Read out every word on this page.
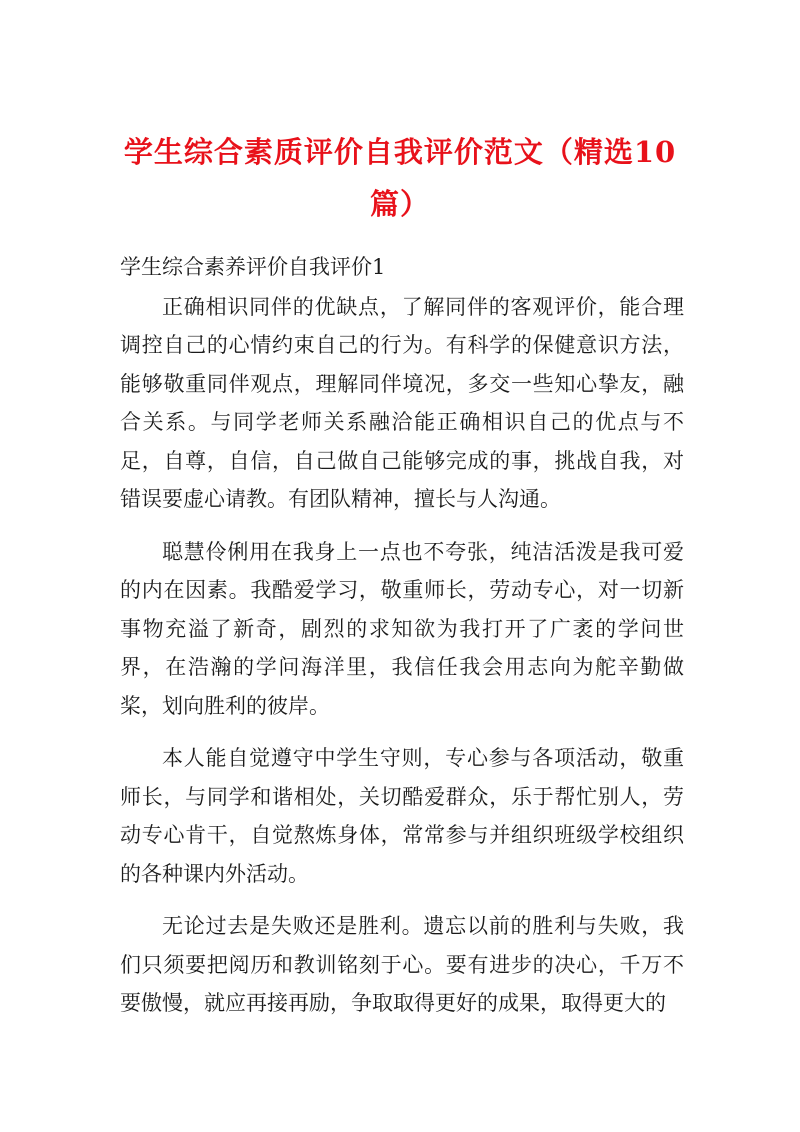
学生综合素质评价自我评价范文（精选10篇）

学生综合素养评价自我评价1

正确相识同伴的优缺点，了解同伴的客观评价，能合理调控自己的心情约束自己的行为。有科学的保健意识方法，能够敬重同伴观点，理解同伴境况，多交一些知心挚友，融合关系。与同学老师关系融洽能正确相识自己的优点与不足，自尊，自信，自己做自己能够完成的事，挑战自我，对错误要虚心请教。有团队精神，擅长与人沟通。

聪慧伶俐用在我身上一点也不夸张，纯洁活泼是我可爱的内在因素。我酷爱学习，敬重师长，劳动专心，对一切新事物充溢了新奇，剧烈的求知欲为我打开了广袤的学问世界，在浩瀚的学问海洋里，我信任我会用志向为舵辛勤做桨，划向胜利的彼岸。

本人能自觉遵守中学生守则，专心参与各项活动，敬重师长，与同学和谐相处，关切酷爱群众，乐于帮忙别人，劳动专心肯干，自觉熬炼身体，常常参与并组织班级学校组织的各种课内外活动。

无论过去是失败还是胜利。遗忘以前的胜利与失败，我们只须要把阅历和教训铭刻于心。要有进步的决心，千万不要傲慢，就应再接再励，争取取得更好的成果，取得更大的
